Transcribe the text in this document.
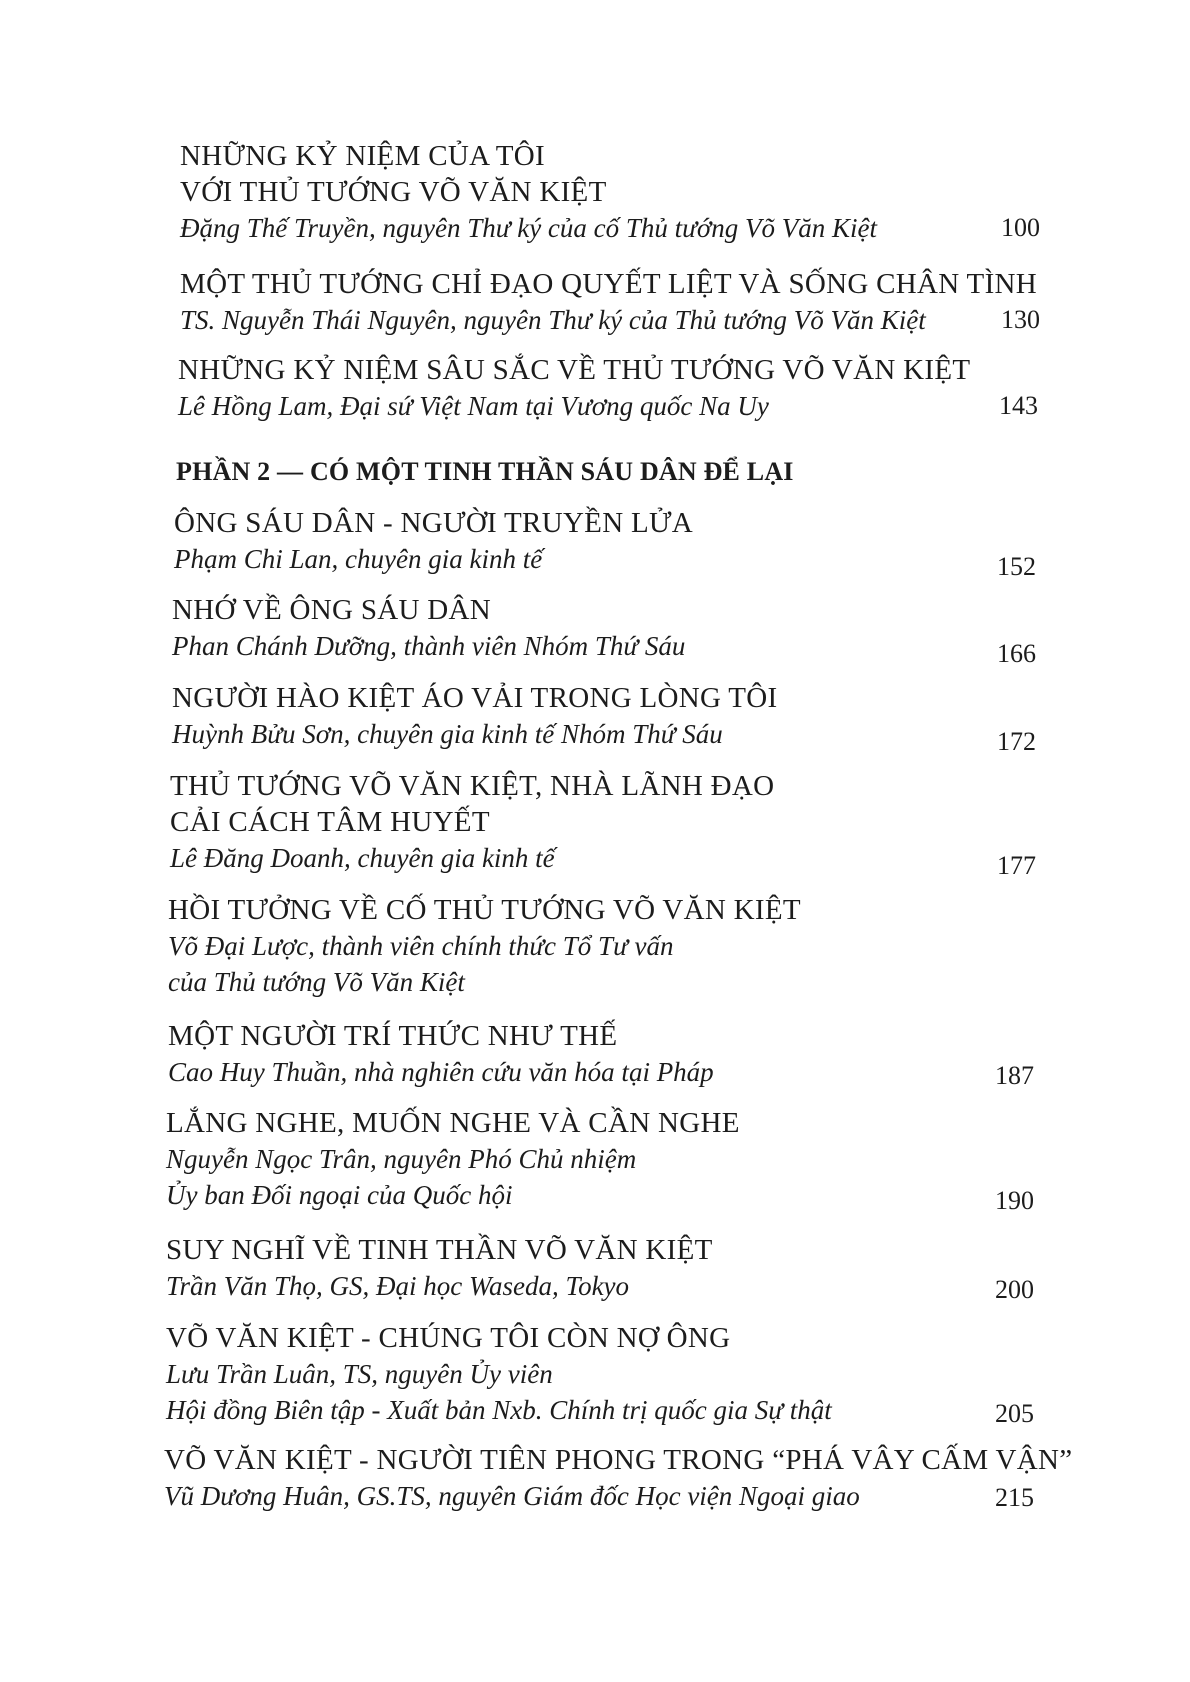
NHỮNG KỶ NIỆM CỦA TÔI
VỚI THỦ TƯỚNG VÕ VĂN KIỆT
Đặng Thế Truyền, nguyên Thư ký của cố Thủ tướng Võ Văn Kiệt	100
MỘT THỦ TƯỚNG CHỈ ĐẠO QUYẾT LIỆT VÀ SỐNG CHÂN TÌNH
TS. Nguyễn Thái Nguyên, nguyên Thư ký của Thủ tướng Võ Văn Kiệt	130
NHỮNG KỶ NIỆM SÂU SẮC VỀ THỦ TƯỚNG VÕ VĂN KIỆT
Lê Hồng Lam, Đại sứ Việt Nam tại Vương quốc Na Uy	143
PHẦN 2 — CÓ MỘT TINH THẦN SÁU DÂN ĐỂ LẠI
ÔNG SÁU DÂN - NGƯỜI TRUYỀN LỬA
Phạm Chi Lan, chuyên gia kinh tế	152
NHỚ VỀ ÔNG SÁU DÂN
Phan Chánh Dưỡng, thành viên Nhóm Thứ Sáu	166
NGƯỜI HÀO KIỆT ÁO VẢI TRONG LÒNG TÔI
Huỳnh Bửu Sơn, chuyên gia kinh tế Nhóm Thứ Sáu	172
THỦ TƯỚNG VÕ VĂN KIỆT, NHÀ LÃNH ĐẠO
CẢI CÁCH TÂM HUYẾT
Lê Đăng Doanh, chuyên gia kinh tế	177
HỒI TƯỞNG VỀ CỐ THỦ TƯỚNG VÕ VĂN KIỆT
Võ Đại Lược, thành viên chính thức Tổ Tư vấn
của Thủ tướng Võ Văn Kiệt
MỘT NGƯỜI TRÍ THỨC NHƯ THẾ
Cao Huy Thuần, nhà nghiên cứu văn hóa tại Pháp	187
LẮNG NGHE, MUỐN NGHE VÀ CẦN NGHE
Nguyễn Ngọc Trân, nguyên Phó Chủ nhiệm
Ủy ban Đối ngoại của Quốc hội	190
SUY NGHĨ VỀ TINH THẦN VÕ VĂN KIỆT
Trần Văn Thọ, GS, Đại học Waseda, Tokyo	200
VÕ VĂN KIỆT - CHÚNG TÔI CÒN NỢ ÔNG
Lưu Trần Luân, TS, nguyên Ủy viên
Hội đồng Biên tập - Xuất bản Nxb. Chính trị quốc gia Sự thật	205
VÕ VĂN KIỆT - NGƯỜI TIÊN PHONG TRONG “PHÁ VÂY CẤM VẬN”
Vũ Dương Huân, GS.TS, nguyên Giám đốc Học viện Ngoại giao	215
